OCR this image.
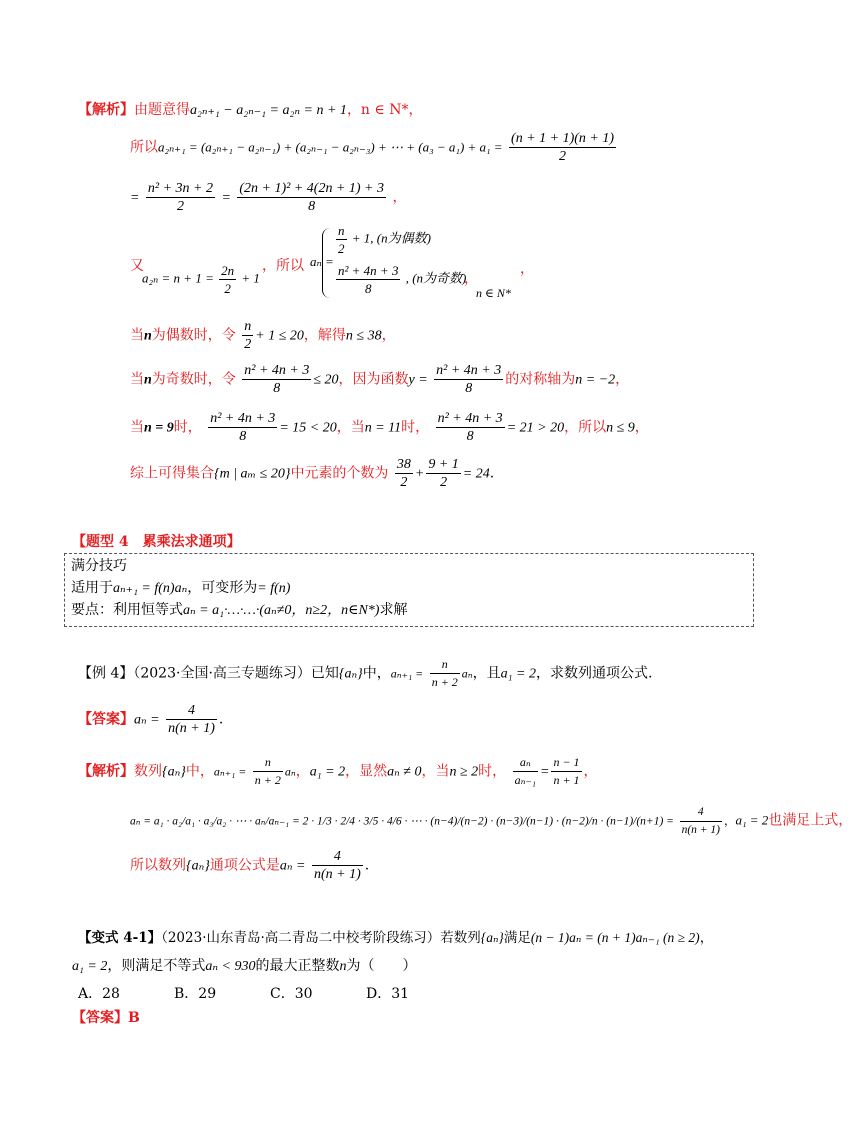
【解析】由题意得a₂ₙ₊₁ − a₂ₙ₋₁ = a₂ₙ = n + 1，n ∈ N*，
所以a₂ₙ₊₁ = (a₂ₙ₊₁ − a₂ₙ₋₁) + (a₂ₙ₋₁ − a₂ₙ₋₃) + ⋯ + $(a_3 - a_1) + a_1 = \frac{(n + 1 + 1)(n + 1)}{2}$
= $\frac{\text{n² + 3n + 2}}{2} = \frac{\text{(2n + 1)² + 4(2n + 1) + 3}}{8}$ ，
又
$a_{2n} = n + 1 = \frac{2n}{2} + 1$
，所以 aₙ =
$\frac{n}{2} + 1$, (n为偶数)
$\frac{\text{n² + 4n + 3}}{8}$ , (n为奇数)
，
，
n ∈ N*
当n为偶数时，令 $\frac{n}{2} + 1 \le 20$，解得n ≤ 38，
当n为奇数时，令 $\frac{\text{n² + 4n + 3}}{8} \le 20$，因为函数$y = \frac{\text{n² + 4n + 3}}{8}$ 的对称轴为n = −2，
当n = 9时， $\frac{\text{n² + 4n + 3}}{8} = 15 < 20$，当n = 11时， $\frac{\text{n² + 4n + 3}}{8} = 21 > 20$，所以n ≤ 9，
综上可得集合{m | aₘ ≤ 20}中元素的个数为 $\frac{38}{2} + \frac{9 + 1}{2} = 24$.
【题型 4　累乘法求通项】
满分技巧
适用于aₙ₊₁ = f(n)aₙ，可变形为= f(n)
要点：利用恒等式aₙ = a₁·…·…·(aₙ≠0，n≥2，n∈N*)求解
【例 4】（2023·全国·高三专题练习）已知{aₙ}中，$a_{n+1} = \frac{n}{n + 2}$ aₙ，且a₁ = 2，求数列通项公式.
【答案】$a_n = \frac{4}{n(n + 1)}$ .
【解析】数列{aₙ}中，$a_{n+1} = \frac{n}{n + 2}$ aₙ，a₁ = 2，显然aₙ ≠ 0，当n ≥ 2时， $\frac{\text{aₙ}}{\text{aₙ₋₁}} = \frac{n - 1}{n + 1}$ ，
aₙ = a₁ · a₂/a₁ · a₃/a₂ · ⋯ · aₙ/aₙ₋₁ = 2 · 1/3 · 2/4 · 3/5 · 4/6 · ⋯ · $(n-4)/(n-2) \cdot (n-3)/(n-1) \cdot (n-2)/n \cdot (n-1)/(n+1) = \frac{4}{n(n + 1)}$ ，a₁ = 2也满足上式，
所以数列{aₙ}通项公式是$a_n = \frac{4}{n(n + 1)}$ .
【变式 4-1】（2023·山东青岛·高二青岛二中校考阶段练习）若数列{aₙ}满足(n − 1)aₙ = (n + 1)aₙ₋₁ (n ≥ 2)，
a₁ = 2，则满足不等式aₙ < 930的最大正整数n为（　　）
A．28	B．29	C．30	D．31
【答案】B
